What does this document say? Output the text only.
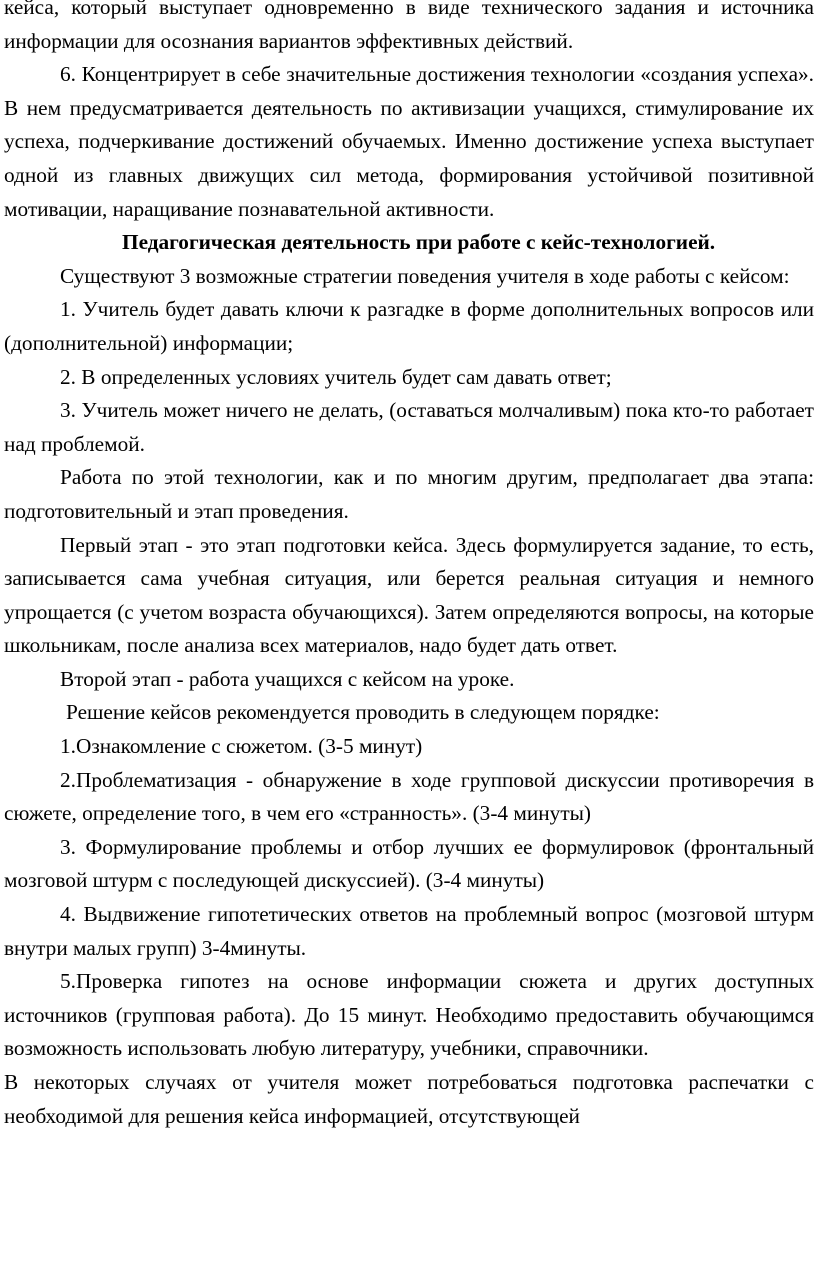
кейса, который выступает одновременно в виде технического задания и источника информации для осознания вариантов эффективных действий.

6. Концентрирует в себе значительные достижения технологии «создания успеха». В нем предусматривается деятельность по активизации учащихся, стимулирование их успеха, подчеркивание достижений обучаемых. Именно достижение успеха выступает одной из главных движущих сил метода, формирования устойчивой позитивной мотивации, наращивание познавательной активности.

Педагогическая деятельность при работе с кейс-технологией.

Существуют 3 возможные стратегии поведения учителя в ходе работы с кейсом:

1. Учитель будет давать ключи к разгадке в форме дополнительных вопросов или (дополнительной) информации;

2. В определенных условиях учитель будет сам давать ответ;

3. Учитель может ничего не делать, (оставаться молчаливым) пока кто-то работает над проблемой.

Работа по этой технологии, как и по многим другим, предполагает два этапа: подготовительный и этап проведения.

Первый этап - это этап подготовки кейса. Здесь формулируется задание, то есть, записывается сама учебная ситуация, или берется реальная ситуация и немного упрощается (с учетом возраста обучающихся). Затем определяются вопросы, на которые школьникам, после анализа всех материалов, надо будет дать ответ.

Второй этап - работа учащихся с кейсом на уроке.

Решение кейсов рекомендуется проводить в следующем порядке:

1.Ознакомление с сюжетом. (3-5 минут)

2.Проблематизация - обнаружение в ходе групповой дискуссии противоречия в сюжете, определение того, в чем его «странность». (3-4 минуты)

3. Формулирование проблемы и отбор лучших ее формулировок (фронтальный мозговой штурм с последующей дискуссией). (3-4 минуты)

4. Выдвижение гипотетических ответов на проблемный вопрос (мозговой штурм внутри малых групп) 3-4минуты.

5.Проверка гипотез на основе информации сюжета и других доступных источников (групповая работа). До 15 минут. Необходимо предоставить обучающимся возможность использовать любую литературу, учебники, справочники.

В некоторых случаях от учителя может потребоваться подготовка распечатки с необходимой для решения кейса информацией, отсутствующей
